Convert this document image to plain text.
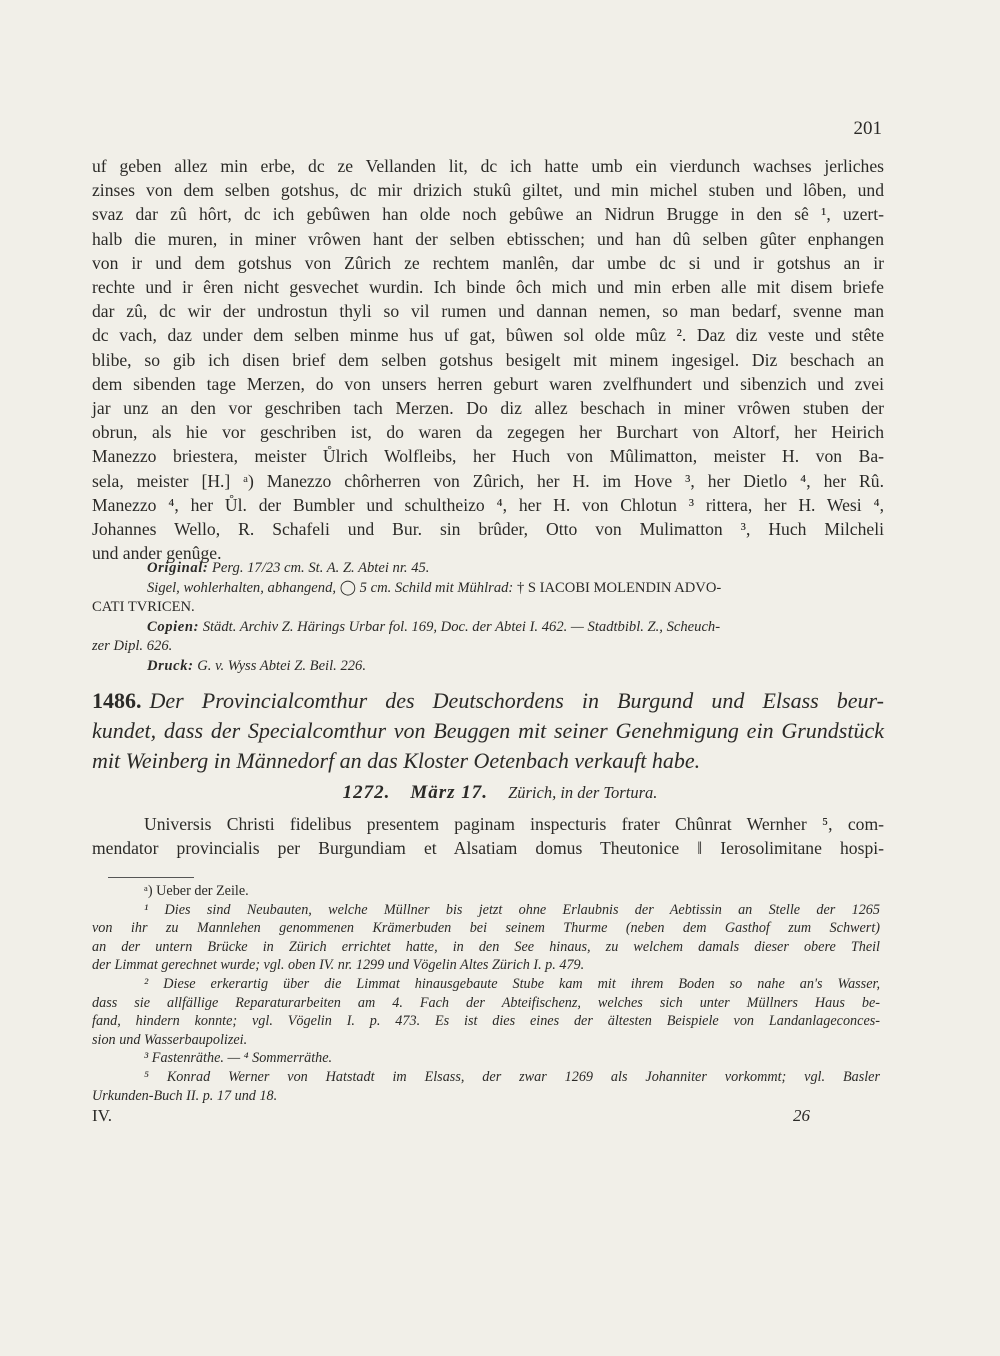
201
uf geben allez min erbe, dc ze Vellanden lit, dc ich hatte umb ein vierdunch wachses jerliches
zinses von dem selben gotshus, dc mir drizich stukû giltet, und min michel stuben und lôben, und
svaz dar zû hôrt, dc ich gebûwen han olde noch gebûwe an Nidrun Brugge in den sê ¹, uzert-
halb die muren, in miner vrôwen hant der selben ebtisschen; und han dû selben gûter enphangen
von ir und dem gotshus von Zûrich ze rechtem manlên, dar umbe dc si und ir gotshus an ir
rechte und ir êren nicht gesvechet wurdin. Ich binde ôch mich und min erben alle mit disem briefe
dar zû, dc wir der undrostun thyli so vil rumen und dannan nemen, so man bedarf, svenne man
dc vach, daz under dem selben minme hus uf gat, bûwen sol olde mûz ². Daz diz veste und stête
blibe, so gib ich disen brief dem selben gotshus besigelt mit minem ingesigel. Diz beschach an
dem sibenden tage Merzen, do von unsers herren geburt waren zvelfhundert und sibenzich und zvei
jar unz an den vor geschriben tach Merzen. Do diz allez beschach in miner vrôwen stuben der
obrun, als hie vor geschriben ist, do waren da zegegen her Burchart von Altorf, her Heirich
Manezzo briestera, meister Ůlrich Wolfleibs, her Huch von Mûlimatton, meister H. von Ba-
sela, meister [H.] ᵃ) Manezzo chôrherren von Zûrich, her H. im Hove ³, her Dietlo ⁴, her Rû.
Manezzo ⁴, her Ůl. der Bumbler und schultheizo ⁴, her H. von Chlotun ³ rittera, her H. Wesi ⁴,
Johannes Wello, R. Schafeli und Bur. sin brûder, Otto von Mulimatton ³, Huch Milcheli
und ander genûge.
Original: Perg. 17/23 cm. St. A. Z. Abtei nr. 45.
Sigel, wohlerhalten, abhangend, ◯ 5 cm. Schild mit Mühlrad: † S IACOBI MOLENDIN ADVO-
CATI TVRICEN.
Copien: Städt. Archiv Z. Härings Urbar fol. 169, Doc. der Abtei I. 462. — Stadtbibl. Z., Scheuch-
zer Dipl. 626.
Druck: G. v. Wyss Abtei Z. Beil. 226.
1486. Der Provincialcomthur des Deutschordens in Burgund und Elsass beur-
kundet, dass der Specialcomthur von Beuggen mit seiner Genehmigung ein Grundstück
mit Weinberg in Männedorf an das Kloster Oetenbach verkauft habe.
1272. März 17. Zürich, in der Tortura.
Universis Christi fidelibus presentem paginam inspecturis frater Chûnrat Wernher ⁵, com-
mendator provincialis per Burgundiam et Alsatiam domus Theutonice ‖ Ierosolimitane hospi-
ᵃ) Ueber der Zeile.
¹ Dies sind Neubauten, welche Müllner bis jetzt ohne Erlaubnis der Aebtissin an Stelle der 1265
von ihr zu Mannlehen genommenen Krämerbuden bei seinem Thurme (neben dem Gasthof zum Schwert)
an der untern Brücke in Zürich errichtet hatte, in den See hinaus, zu welchem damals dieser obere Theil
der Limmat gerechnet wurde; vgl. oben IV. nr. 1299 und Vögelin Altes Zürich I. p. 479.
² Diese erkerartig über die Limmat hinausgebaute Stube kam mit ihrem Boden so nahe an's Wasser,
dass sie allfällige Reparaturarbeiten am 4. Fach der Abteifischenz, welches sich unter Müllners Haus be-
fand, hindern konnte; vgl. Vögelin I. p. 473. Es ist dies eines der ältesten Beispiele von Landanlageconces-
sion und Wasserbaupolizei.
³ Fastenräthe. — ⁴ Sommerräthe.
⁵ Konrad Werner von Hatstadt im Elsass, der zwar 1269 als Johanniter vorkommt; vgl. Basler
Urkunden-Buch II. p. 17 und 18.
IV.	26
